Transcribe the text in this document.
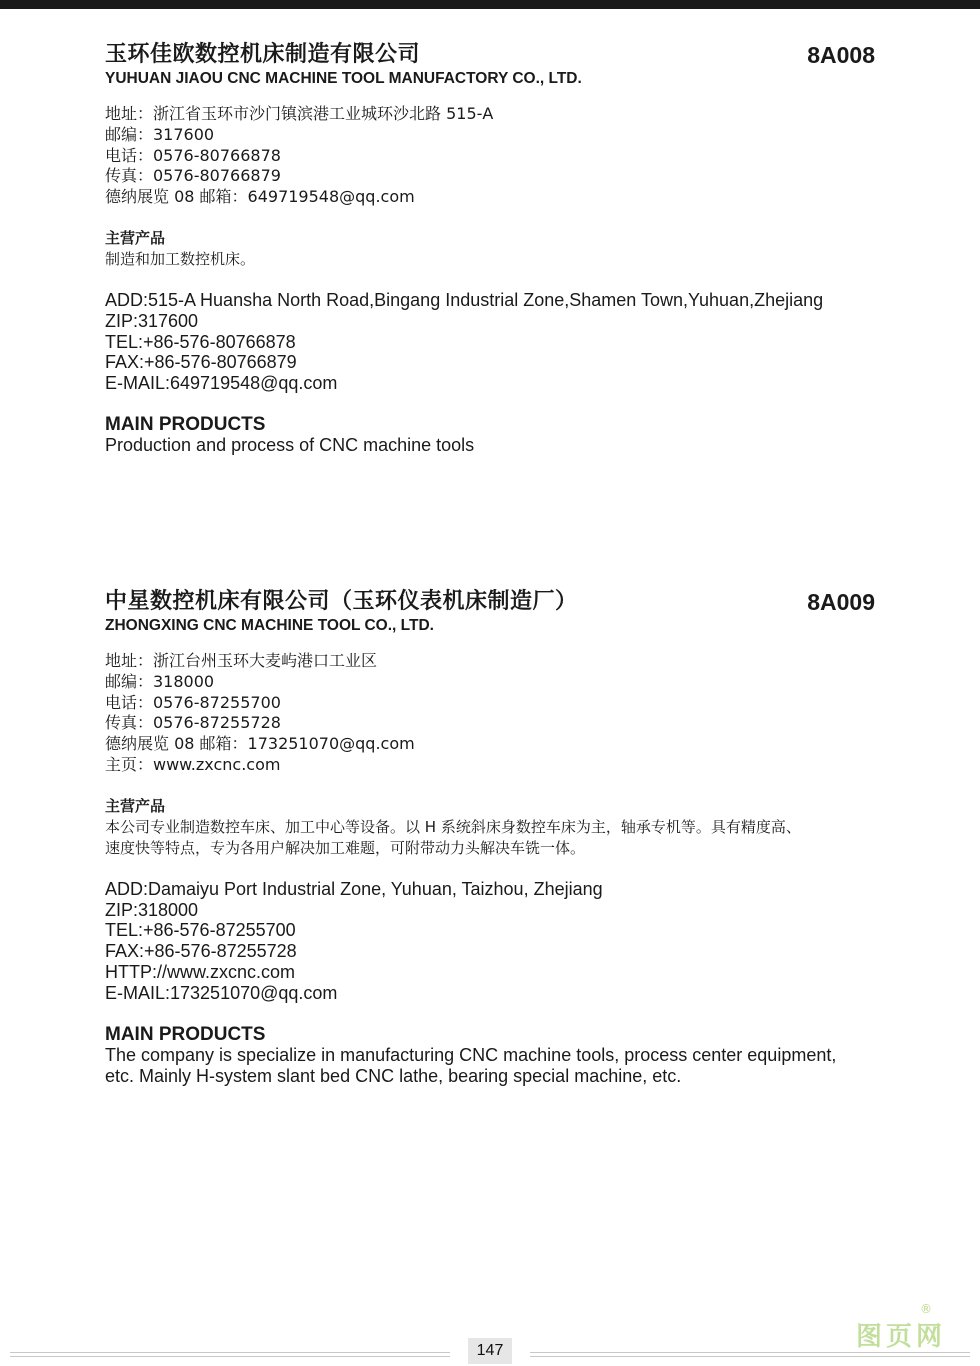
玉环佳欧数控机床制造有限公司	8A008
YUHUAN JIAOU CNC MACHINE TOOL MANUFACTORY CO., LTD.
地址：浙江省玉环市沙门镇滨港工业城环沙北路 515-A
邮编：317600
电话：0576-80766878
传真：0576-80766879
德纳展览 08 邮箱：649719548@qq.com
主营产品
制造和加工数控机床。
ADD:515-A Huansha North Road,Bingang Industrial Zone,Shamen Town,Yuhuan,Zhejiang
ZIP:317600
TEL:+86-576-80766878
FAX:+86-576-80766879
E-MAIL:649719548@qq.com
MAIN PRODUCTS
Production and process of CNC machine tools
中星数控机床有限公司（玉环仪表机床制造厂）	8A009
ZHONGXING CNC MACHINE TOOL CO., LTD.
地址：浙江台州玉环大麦屿港口工业区
邮编：318000
电话：0576-87255700
传真：0576-87255728
德纳展览 08 邮箱：173251070@qq.com
主页：www.zxcnc.com
主营产品
本公司专业制造数控车床、加工中心等设备。以 H 系统斜床身数控车床为主，轴承专机等。具有精度高、
速度快等特点，专为各用户解决加工难题，可附带动力头解决车铣一体。
ADD:Damaiyu Port Industrial Zone, Yuhuan, Taizhou, Zhejiang
ZIP:318000
TEL:+86-576-87255700
FAX:+86-576-87255728
HTTP://www.zxcnc.com
E-MAIL:173251070@qq.com
MAIN PRODUCTS
The company is specialize in manufacturing CNC machine tools, process center equipment,
etc. Mainly H-system slant bed CNC lathe, bearing special machine, etc.
147	图页网
®
